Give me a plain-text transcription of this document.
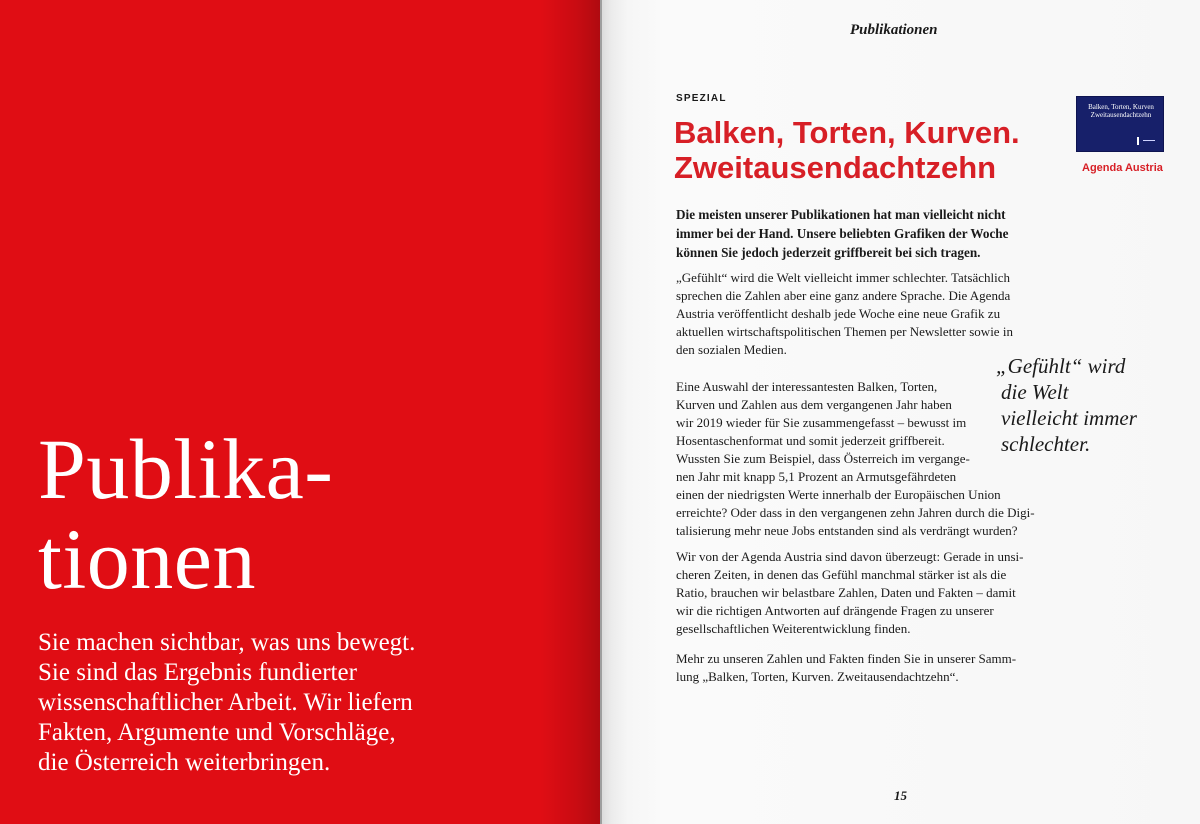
Publika-
tionen

Sie machen sichtbar, was uns bewegt.
Sie sind das Ergebnis fundierter
wissenschaftlicher Arbeit. Wir liefern
Fakten, Argumente und Vorschläge,
die Österreich weiterbringen.

Publikationen

SPEZIAL

Balken, Torten, Kurven.
Zweitausendachtzehn

Balken, Torten, Kurven
Zweitausendachtzehn

Agenda Austria

Die meisten unserer Publikationen hat man vielleicht nicht
immer bei der Hand. Unsere beliebten Grafiken der Woche
können Sie jedoch jederzeit griffbereit bei sich tragen.

„Gefühlt“ wird die Welt vielleicht immer schlechter. Tatsächlich
sprechen die Zahlen aber eine ganz andere Sprache. Die Agenda
Austria veröffentlicht deshalb jede Woche eine neue Grafik zu
aktuellen wirtschaftspolitischen Themen per Newsletter sowie in
den sozialen Medien.

Eine Auswahl der interessantesten Balken, Torten,
Kurven und Zahlen aus dem vergangenen Jahr haben
wir 2019 wieder für Sie zusammengefasst – bewusst im
Hosentaschenformat und somit jederzeit griffbereit.
Wussten Sie zum Beispiel, dass Österreich im vergange-
nen Jahr mit knapp 5,1 Prozent an Armutsgefährdeten
einen der niedrigsten Werte innerhalb der Europäischen Union
erreichte? Oder dass in den vergangenen zehn Jahren durch die Digi-
talisierung mehr neue Jobs entstanden sind als verdrängt wurden?

„Gefühlt“ wird
die Welt
vielleicht immer
schlechter.

Wir von der Agenda Austria sind davon überzeugt: Gerade in unsi-
cheren Zeiten, in denen das Gefühl manchmal stärker ist als die
Ratio, brauchen wir belastbare Zahlen, Daten und Fakten – damit
wir die richtigen Antworten auf drängende Fragen zu unserer
gesellschaftlichen Weiterentwicklung finden.

Mehr zu unseren Zahlen und Fakten finden Sie in unserer Samm-
lung „Balken, Torten, Kurven. Zweitausendachtzehn“.

15
